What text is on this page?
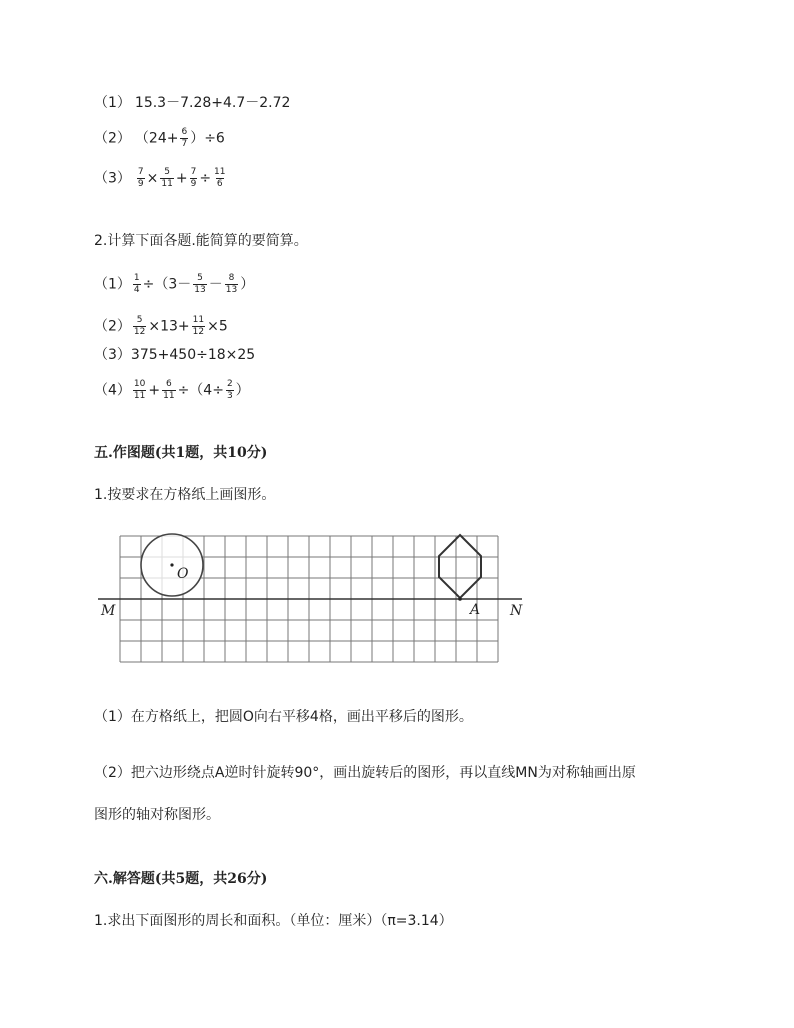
（1） 15.3－7.28+4.7－2.72
（2） $(24+ \frac{6}{7} )\div 6$
$(3) \frac{7}{9} \times \frac{5}{11} + \frac{7}{9} \div \frac{11}{6}$
2.计算下面各题.能简算的要简算。
$(1) \frac{1}{4} \div(3- \frac{5}{13} - \frac{8}{13}$ ）
$(2) \frac{5}{12} \times 13+ \frac{11}{12} \times 5$
（3）375+450÷18×25
$(4) \frac{10}{11} + \frac{6}{11} \div(4\div \frac{2}{3}$ ）
五.作图题(共1题，共10分)
1.按要求在方格纸上画图形。
O
M	A N
（1）在方格纸上，把圆O向右平移4格，画出平移后的图形。
（2）把六边形绕点A逆时针旋转90°，画出旋转后的图形，再以直线MN为对称轴画出原
图形的轴对称图形。
六.解答题(共5题，共26分)
1.求出下面图形的周长和面积。（单位：厘米）（π=3.14）
